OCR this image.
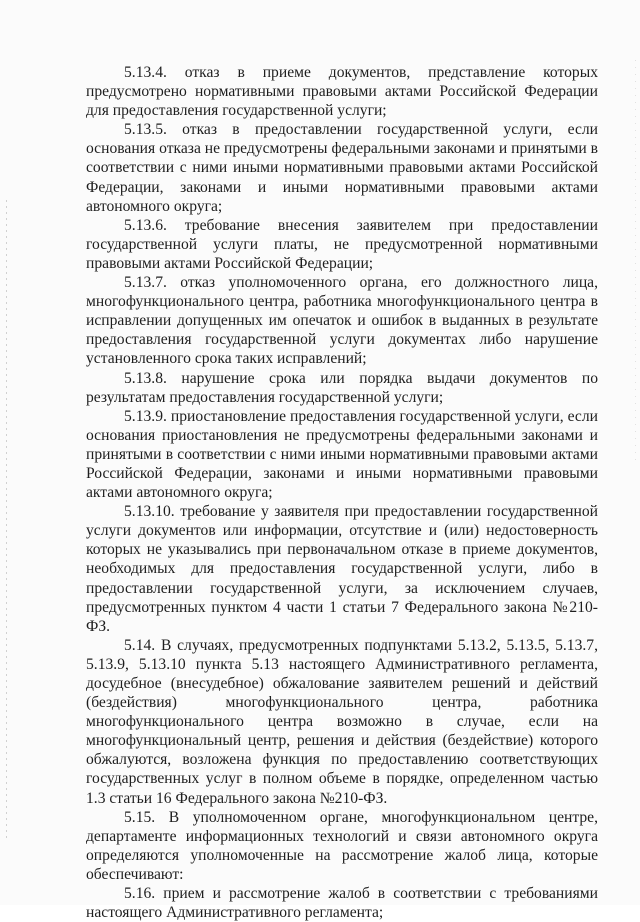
5.13.4. отказ в приеме документов, представление которых предусмотрено нормативными правовыми актами Российской Федерации для предоставления государственной услуги;

5.13.5. отказ в предоставлении государственной услуги, если основания отказа не предусмотрены федеральными законами и принятыми в соответствии с ними иными нормативными правовыми актами Российской Федерации, законами и иными нормативными правовыми актами автономного округа;

5.13.6. требование внесения заявителем при предоставлении государственной услуги платы, не предусмотренной нормативными правовыми актами Российской Федерации;

5.13.7. отказ уполномоченного органа, его должностного лица, многофункционального центра, работника многофункционального центра в исправлении допущенных им опечаток и ошибок в выданных в результате предоставления государственной услуги документах либо нарушение установленного срока таких исправлений;

5.13.8. нарушение срока или порядка выдачи документов по результатам предоставления государственной услуги;

5.13.9. приостановление предоставления государственной услуги, если основания приостановления не предусмотрены федеральными законами и принятыми в соответствии с ними иными нормативными правовыми актами Российской Федерации, законами и иными нормативными правовыми актами автономного округа;

5.13.10. требование у заявителя при предоставлении государственной услуги документов или информации, отсутствие и (или) недостоверность которых не указывались при первоначальном отказе в приеме документов, необходимых для предоставления государственной услуги, либо в предоставлении государственной услуги, за исключением случаев, предусмотренных пунктом 4 части 1 статьи 7 Федерального закона №210-ФЗ.

5.14. В случаях, предусмотренных подпунктами 5.13.2, 5.13.5, 5.13.7, 5.13.9, 5.13.10 пункта 5.13 настоящего Административного регламента, досудебное (внесудебное) обжалование заявителем решений и действий (бездействия) многофункционального центра, работника многофункционального центра возможно в случае, если на многофункциональный центр, решения и действия (бездействие) которого обжалуются, возложена функция по предоставлению соответствующих государственных услуг в полном объеме в порядке, определенном частью 1.3 статьи 16 Федерального закона №210-ФЗ.

5.15. В уполномоченном органе, многофункциональном центре, департаменте информационных технологий и связи автономного округа определяются уполномоченные на рассмотрение жалоб лица, которые обеспечивают:

5.16. прием и рассмотрение жалоб в соответствии с требованиями настоящего Административного регламента;
